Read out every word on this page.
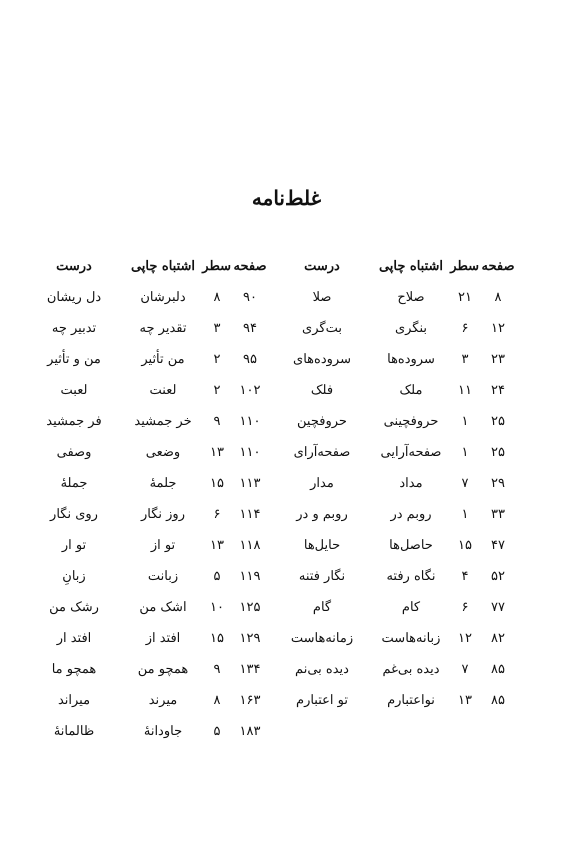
غلط‌نامه
صفحه
سطر
اشتباه چاپی
درست
۸
۲۱
صلاح
صلا
۱۲
۶
بنگری
بت‌گری
۲۳
۳
سروده‌ها
سروده‌های
۲۴
۱۱
ملک
فلک
۲۵
۱
حروفچینی
حروفچین
۲۵
۱
صفحه‌آرایی
صفحه‌آرای
۲۹
۷
مداد
مدار
۳۳
۱
روبم در
روبم و در
۴۷
۱۵
حاصل‌ها
حایل‌ها
۵۲
۴
نگاه رفته
نگار فتنه
۷۷
۶
کام
گام
۸۲
۱۲
زبانه‌هاست
زمانه‌هاست
۸۵
۷
دیده بی‌غم
دیده بی‌نم
۸۵
۱۳
نواعتبارم
تو اعتبارم
صفحه
سطر
اشتباه چاپی
درست
۹۰
۸
دلبرشان
دل ریشان
۹۴
۳
تقدیر چه
تدبیر چه
۹۵
۲
من تأثیر
من و تأثیر
۱۰۲
۲
لعنت
لعبت
۱۱۰
۹
خر جمشید
فر جمشید
۱۱۰
۱۳
وضعی
وصفی
۱۱۳
۱۵
جلمهٔ
جملهٔ
۱۱۴
۶
روز نگار
روی نگار
۱۱۸
۱۳
تو از
تو ار
۱۱۹
۵
زبانت
زبانِ
۱۲۵
۱۰
اشک من
رشک من
۱۲۹
۱۵
افتد از
افتد ار
۱۳۴
۹
همچو من
همچو ما
۱۶۳
۸
میرند
میراند
۱۸۳
۵
جاودانهٔ
ظالمانهٔ
